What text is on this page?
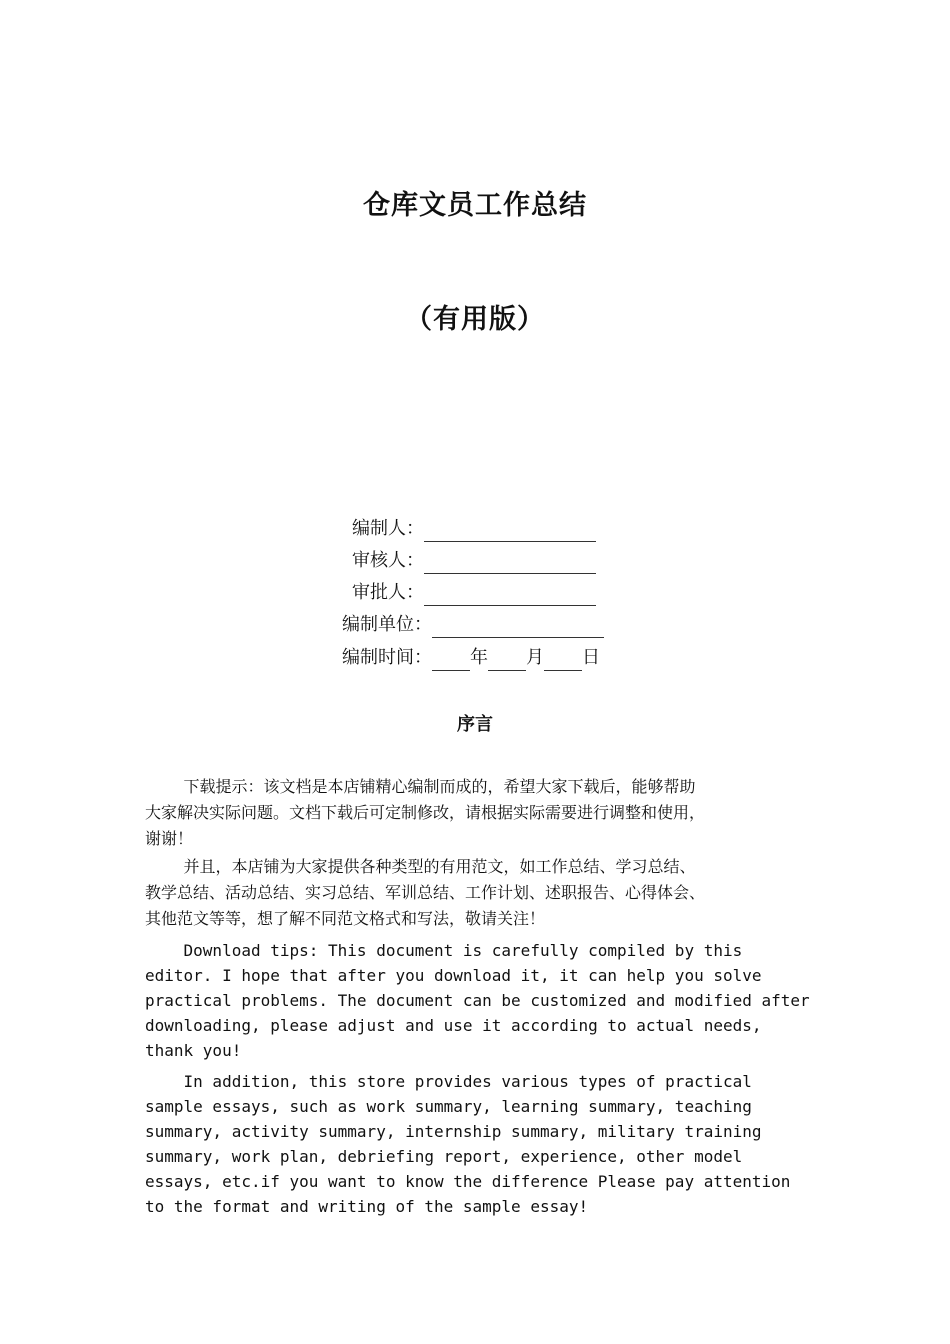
仓库文员工作总结
（有用版）
编制人：
审核人：
审批人：
编制单位：
编制时间： 年 月 日
序言

下载提示：该文档是本店铺精心编制而成的，希望大家下载后，能够帮助
大家解决实际问题。文档下载后可定制修改，请根据实际需要进行调整和使用，
谢谢！

并且，本店铺为大家提供各种类型的有用范文，如工作总结、学习总结、
教学总结、活动总结、实习总结、军训总结、工作计划、述职报告、心得体会、
其他范文等等，想了解不同范文格式和写法，敬请关注！

Download tips: This document is carefully compiled by this
editor. I hope that after you download it, it can help you solve
practical problems. The document can be customized and modified after
downloading, please adjust and use it according to actual needs,
thank you!

In addition, this store provides various types of practical
sample essays, such as work summary, learning summary, teaching
summary, activity summary, internship summary, military training
summary, work plan, debriefing report, experience, other model
essays, etc.if you want to know the difference Please pay attention
to the format and writing of the sample essay!
